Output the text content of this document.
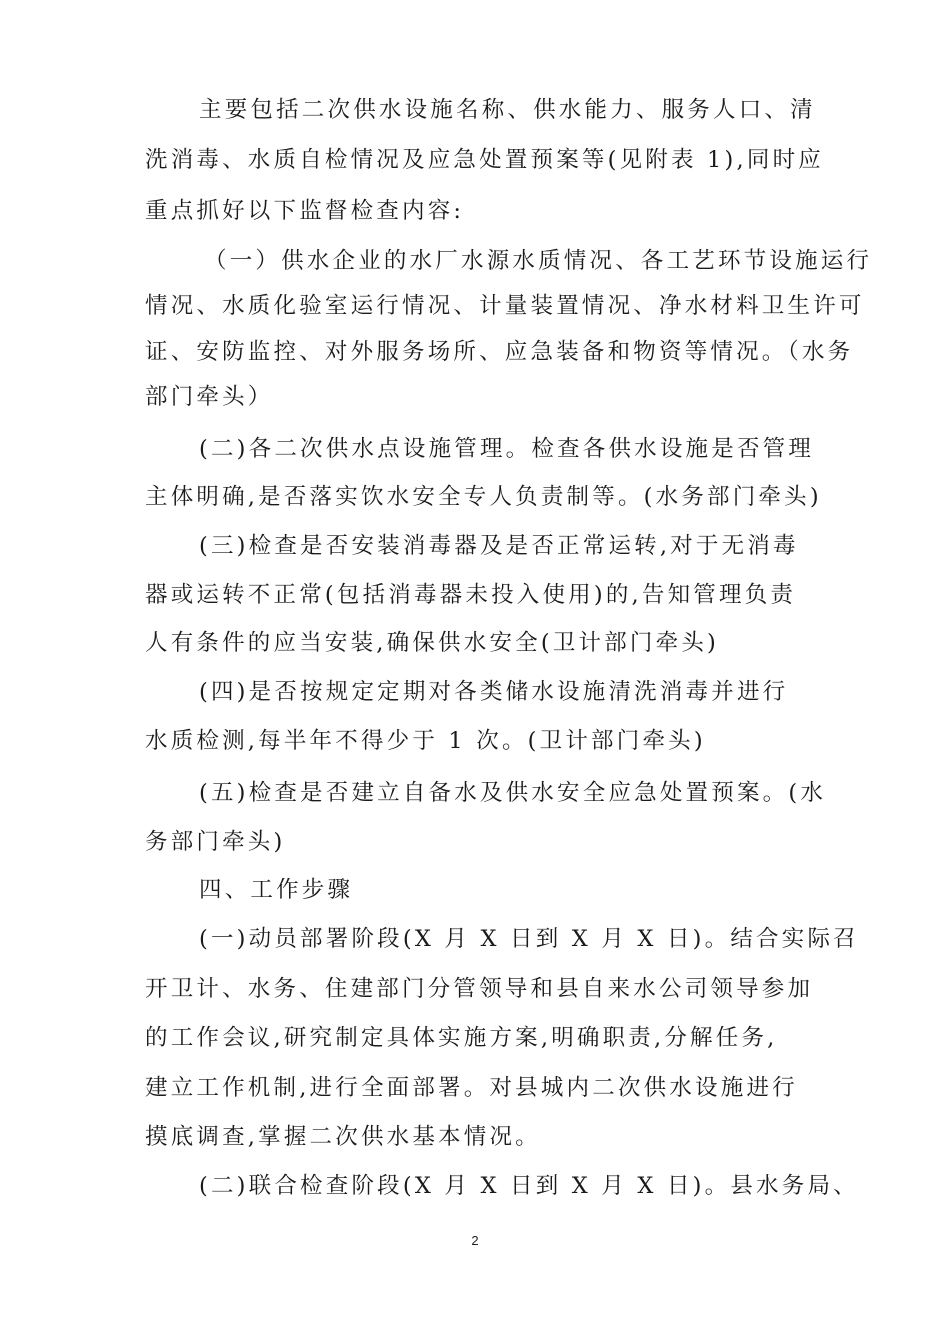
主要包括二次供水设施名称、供水能力、服务人口、清
洗消毒、水质自检情况及应急处置预案等(见附表 1),同时应
重点抓好以下监督检查内容:
（一）供水企业的水厂水源水质情况、各工艺环节设施运行
情况、水质化验室运行情况、计量装置情况、净水材料卫生许可
证、安防监控、对外服务场所、应急装备和物资等情况。（水务
部门牵头）
(二)各二次供水点设施管理。检查各供水设施是否管理
主体明确,是否落实饮水安全专人负责制等。(水务部门牵头)
(三)检查是否安装消毒器及是否正常运转,对于无消毒
器或运转不正常(包括消毒器未投入使用)的,告知管理负责
人有条件的应当安装,确保供水安全(卫计部门牵头)
(四)是否按规定定期对各类储水设施清洗消毒并进行
水质检测,每半年不得少于 1 次。(卫计部门牵头)
(五)检查是否建立自备水及供水安全应急处置预案。(水
务部门牵头)
四、工作步骤
(一)动员部署阶段(X 月 X 日到 X 月 X 日)。结合实际召
开卫计、水务、住建部门分管领导和县自来水公司领导参加
的工作会议,研究制定具体实施方案,明确职责,分解任务,
建立工作机制,进行全面部署。对县城内二次供水设施进行
摸底调查,掌握二次供水基本情况。
(二)联合检查阶段(X 月 X 日到 X 月 X 日)。县水务局、
2
